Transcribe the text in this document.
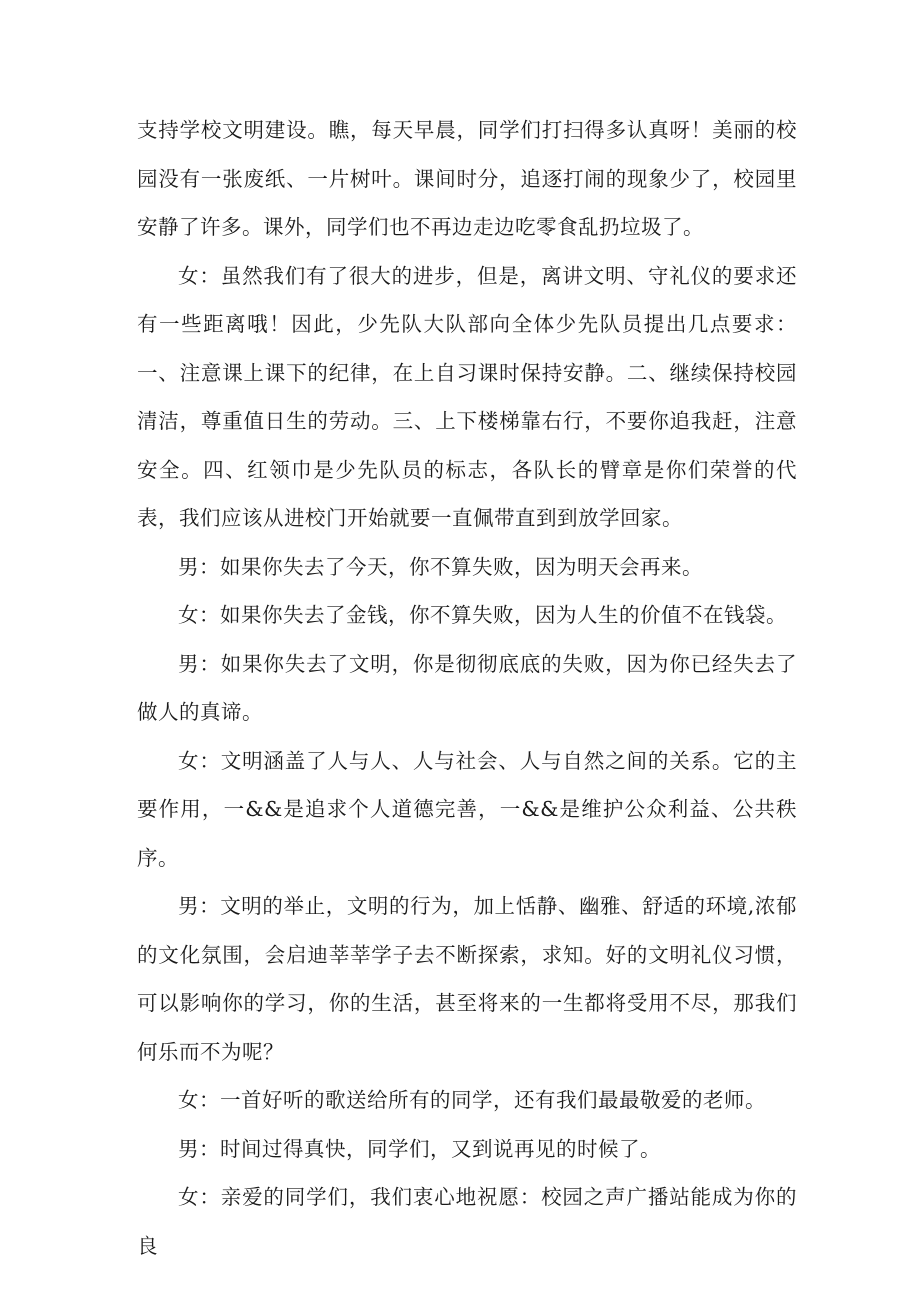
支持学校文明建设。瞧，每天早晨，同学们打扫得多认真呀！美丽的校园没有一张废纸、一片树叶。课间时分，追逐打闹的现象少了，校园里安静了许多。课外，同学们也不再边走边吃零食乱扔垃圾了。

女：虽然我们有了很大的进步，但是，离讲文明、守礼仪的要求还有一些距离哦！因此，少先队大队部向全体少先队员提出几点要求：一、注意课上课下的纪律，在上自习课时保持安静。二、继续保持校园清洁，尊重值日生的劳动。三、上下楼梯靠右行，不要你追我赶，注意安全。四、红领巾是少先队员的标志，各队长的臂章是你们荣誉的代表，我们应该从进校门开始就要一直佩带直到到放学回家。

男：如果你失去了今天，你不算失败，因为明天会再来。

女：如果你失去了金钱，你不算失败，因为人生的价值不在钱袋。

男：如果你失去了文明，你是彻彻底底的失败，因为你已经失去了做人的真谛。

女：文明涵盖了人与人、人与社会、人与自然之间的关系。它的主要作用，一&&是追求个人道德完善，一&&是维护公众利益、公共秩序。

男：文明的举止，文明的行为，加上恬静、幽雅、舒适的环境,浓郁的文化氛围，会启迪莘莘学子去不断探索，求知。好的文明礼仪习惯，可以影响你的学习，你的生活，甚至将来的一生都将受用不尽，那我们何乐而不为呢？

女：一首好听的歌送给所有的同学，还有我们最最敬爱的老师。

男：时间过得真快，同学们，又到说再见的时候了。

女：亲爱的同学们，我们衷心地祝愿：校园之声广播站能成为你的良
